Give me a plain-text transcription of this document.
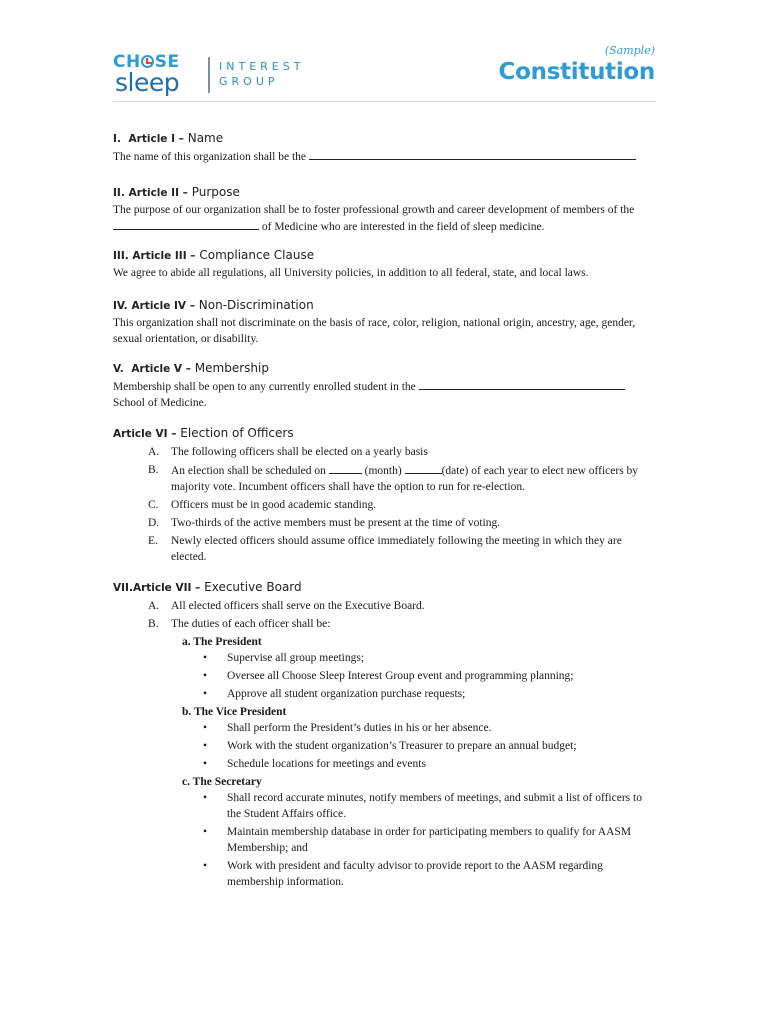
CH SE
sleep
INTEREST
GROUP
(Sample)
Constitution
I. Article I – Name
The name of this organization shall be the
II. Article II – Purpose
The purpose of our organization shall be to foster professional growth and career development of members of the  of Medicine who are interested in the field of sleep medicine.
III. Article III – Compliance Clause
We agree to abide all regulations, all University policies, in addition to all federal, state, and local laws.
IV. Article IV – Non-Discrimination
This organization shall not discriminate on the basis of race, color, religion, national origin, ancestry, age, gender, sexual orientation, or disability.
V. Article V – Membership
Membership shall be open to any currently enrolled student in the
School of Medicine.
Article VI – Election of Officers
A. The following officers shall be elected on a yearly basis
B. An election shall be scheduled on	(month)	(date) of each year to elect new officers by majority vote. Incumbent officers shall have the option to run for re-election.
C. Officers must be in good academic standing.
D. Two-thirds of the active members must be present at the time of voting.
E. Newly elected officers should assume office immediately following the meeting in which they are elected.
VII.Article VII – Executive Board
A. All elected officers shall serve on the Executive Board.
B. The duties of each officer shall be:
a. The President
• Supervise all group meetings;
• Oversee all Choose Sleep Interest Group event and programming planning;
• Approve all student organization purchase requests;
b. The Vice President
• Shall perform the President’s duties in his or her absence.
• Work with the student organization’s Treasurer to prepare an annual budget;
• Schedule locations for meetings and events
c. The Secretary
• Shall record accurate minutes, notify members of meetings, and submit a list of officers to the Student Affairs office.
• Maintain membership database in order for participating members to qualify for AASM Membership; and
• Work with president and faculty advisor to provide report to the AASM regarding membership information.
